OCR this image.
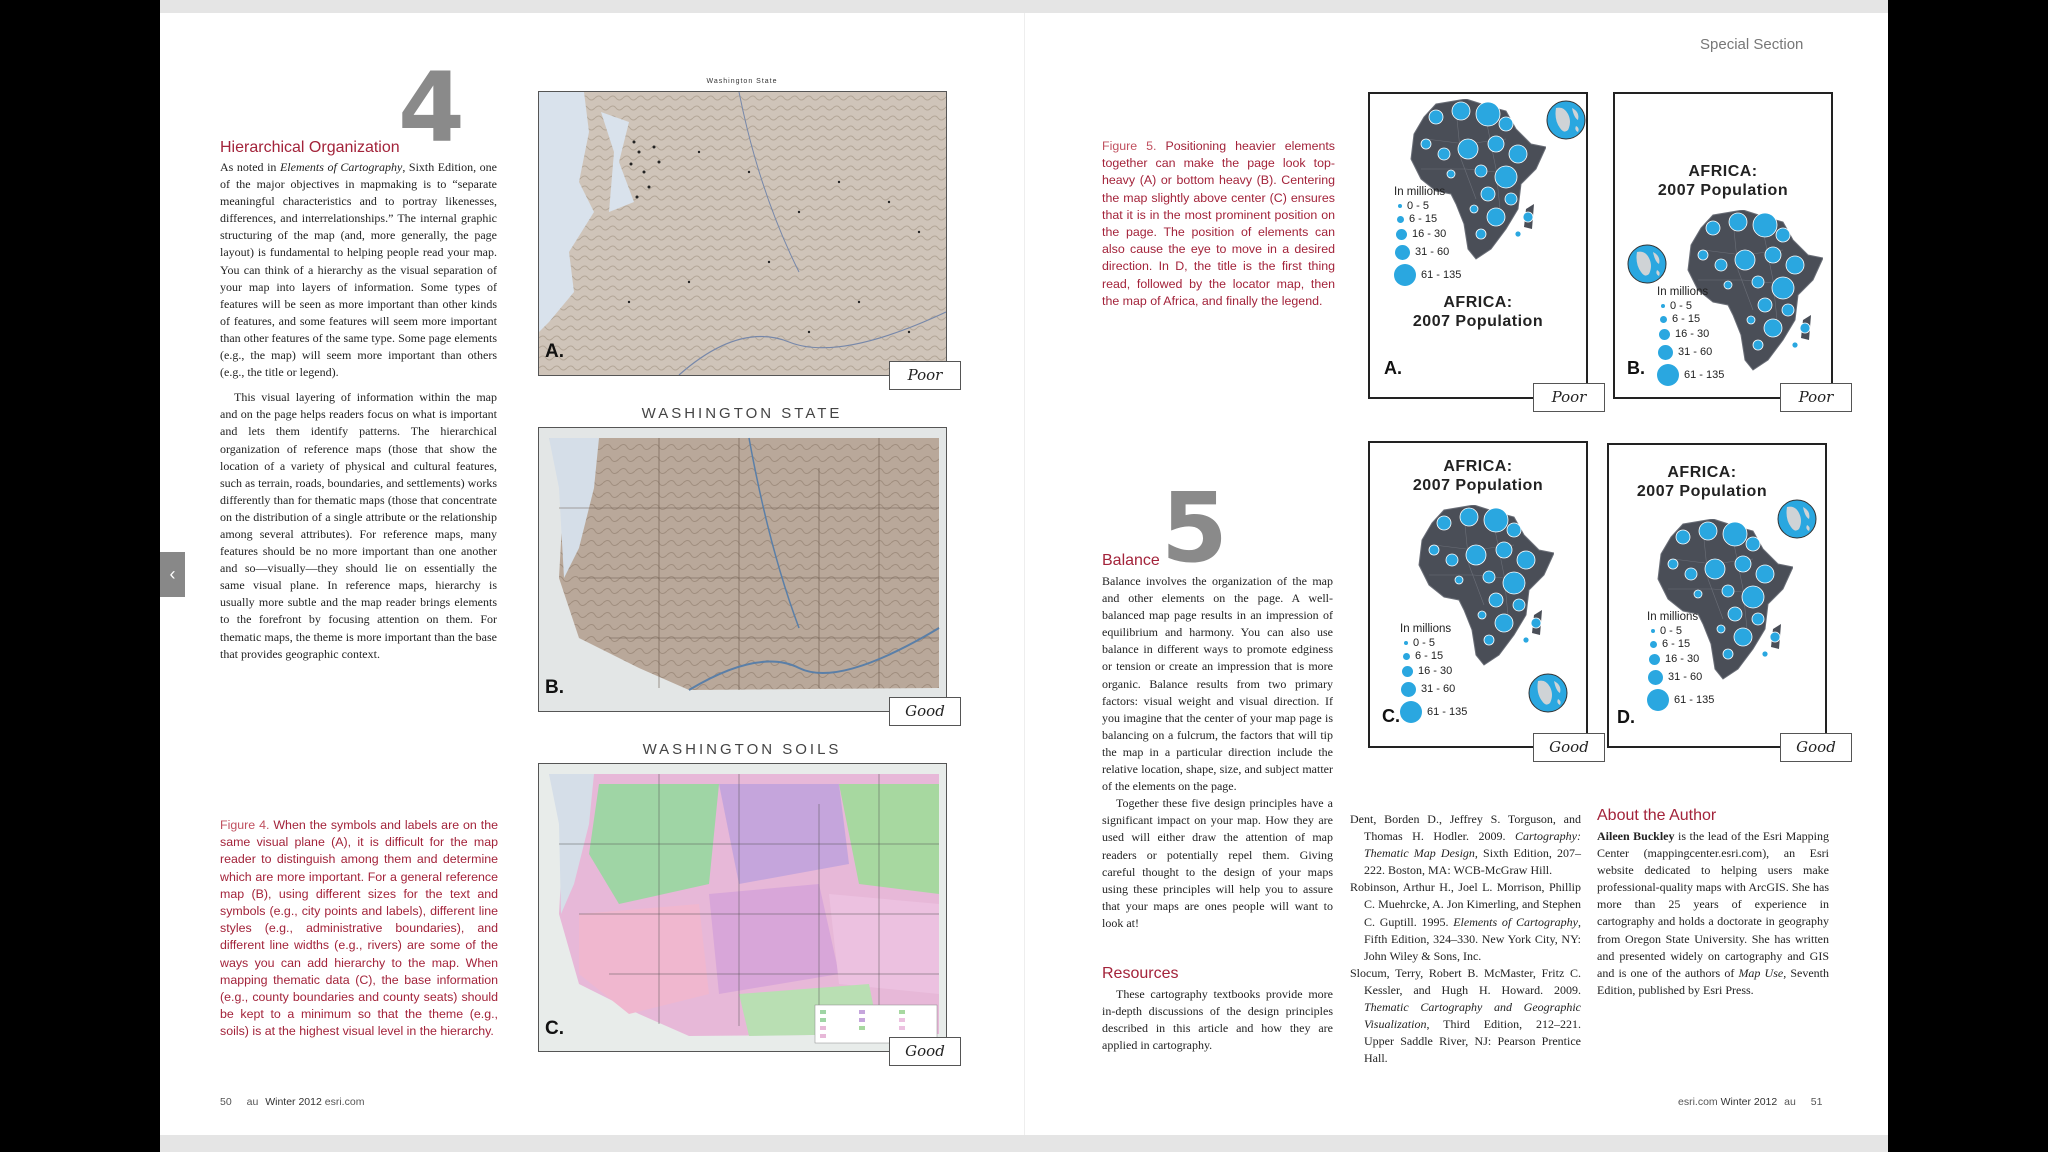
‹
Special Section
4
Hierarchical Organization

As noted in Elements of Cartography, Sixth Edition, one of the major objectives in mapmaking is to “separate meaningful characteristics and to portray likenesses, differences, and interrelationships.” The internal graphic structuring of the map (and, more generally, the page layout) is fundamental to helping people read your map. You can think of a hierarchy as the visual separation of your map into layers of information. Some types of features will be seen as more important than other kinds of features, and some features will seem more important than other features of the same type. Some page elements (e.g., the map) will seem more important than others (e.g., the title or legend).

This visual layering of information within the map and on the page helps readers focus on what is important and lets them identify patterns. The hierarchical organization of reference maps (those that show the location of a variety of physical and cultural features, such as terrain, roads, boundaries, and settlements) works differently than for thematic maps (those that concentrate on the distribution of a single attribute or the relationship among several attributes). For reference maps, many features should be no more important than one another and so—visually—they should lie on essentially the same visual plane. In reference maps, hierarchy is usually more subtle and the map reader brings elements to the forefront by focusing attention on them. For thematic maps, the theme is more important than the base that provides geographic context.

Figure 4. When the symbols and labels are on the same visual plane (A), it is difficult for the map reader to distinguish among them and determine which are more important. For a general reference map (B), using different sizes for the text and symbols (e.g., city points and labels), different line styles (e.g., administrative boundaries), and different line widths (e.g., rivers) are some of the ways you can add hierarchy to the map. When mapping thematic data (C), the base information (e.g., county boundaries and county seats) should be kept to a minimum so that the theme (e.g., soils) is at the highest visual level in the hierarchy.
Washington State
A.
Poor
WASHINGTON STATE
B.
Good
WASHINGTON SOILS
C.
Good
Figure 5. Positioning heavier elements together can make the page look top-heavy (A) or bottom heavy (B). Centering the map slightly above center (C) ensures that it is in the most prominent position on the page. The position of elements can also cause the eye to move in a desired direction. In D, the title is the first thing read, followed by the locator map, then the map of Africa, and finally the legend.
In millions
0 - 5
6 - 15
16 - 30
31 - 60
61 - 135
AFRICA:
2007 Population
A.
Poor
AFRICA:
2007 Population
In millions
0 - 5
6 - 15
16 - 30
31 - 60
61 - 135
B.
Poor
AFRICA:
2007 Population
In millions
0 - 5
6 - 15
16 - 30
31 - 60
61 - 135
C.
Good
AFRICA:
2007 Population
In millions
0 - 5
6 - 15
16 - 30
31 - 60
61 - 135
D.
Good
5
Balance

Balance involves the organization of the map and other elements on the page. A well-balanced map page results in an impression of equilibrium and harmony. You can also use balance in different ways to promote edginess or tension or create an impression that is more organic. Balance results from two primary factors: visual weight and visual direction. If you imagine that the center of your map page is balancing on a fulcrum, the factors that will tip the map in a particular direction include the relative location, shape, size, and subject matter of the elements on the page.

Together these five design principles have a significant impact on your map. How they are used will either draw the attention of map readers or potentially repel them. Giving careful thought to the design of your maps using these principles will help you to assure that your maps are ones people will want to look at!

Resources
These cartography textbooks provide more in-depth discussions of the design principles described in this article and how they are applied in cartography.
Dent, Borden D., Jeffrey S. Torguson, and Thomas H. Hodler. 2009. Cartography: Thematic Map Design, Sixth Edition, 207–222. Boston, MA: WCB-McGraw Hill.
Robinson, Arthur H., Joel L. Morrison, Phillip C. Muehrcke, A. Jon Kimerling, and Stephen C. Guptill. 1995. Elements of Cartography, Fifth Edition, 324–330. New York City, NY: John Wiley & Sons, Inc.
Slocum, Terry, Robert B. McMaster, Fritz C. Kessler, and Hugh H. Howard. 2009. Thematic Cartography and Geographic Visualization, Third Edition, 212–221. Upper Saddle River, NJ: Pearson Prentice Hall.
About the Author
Aileen Buckley is the lead of the Esri Mapping Center (mappingcenter.esri.com), an Esri website dedicated to helping users make professional-quality maps with ArcGIS. She has more than 25 years of experience in cartography and holds a doctorate in geography from Oregon State University. She has written and presented widely on cartography and GIS and is one of the authors of Map Use, Seventh Edition, published by Esri Press.
50 au Winter 2012 esri.com	esri.com Winter 2012 au 51
